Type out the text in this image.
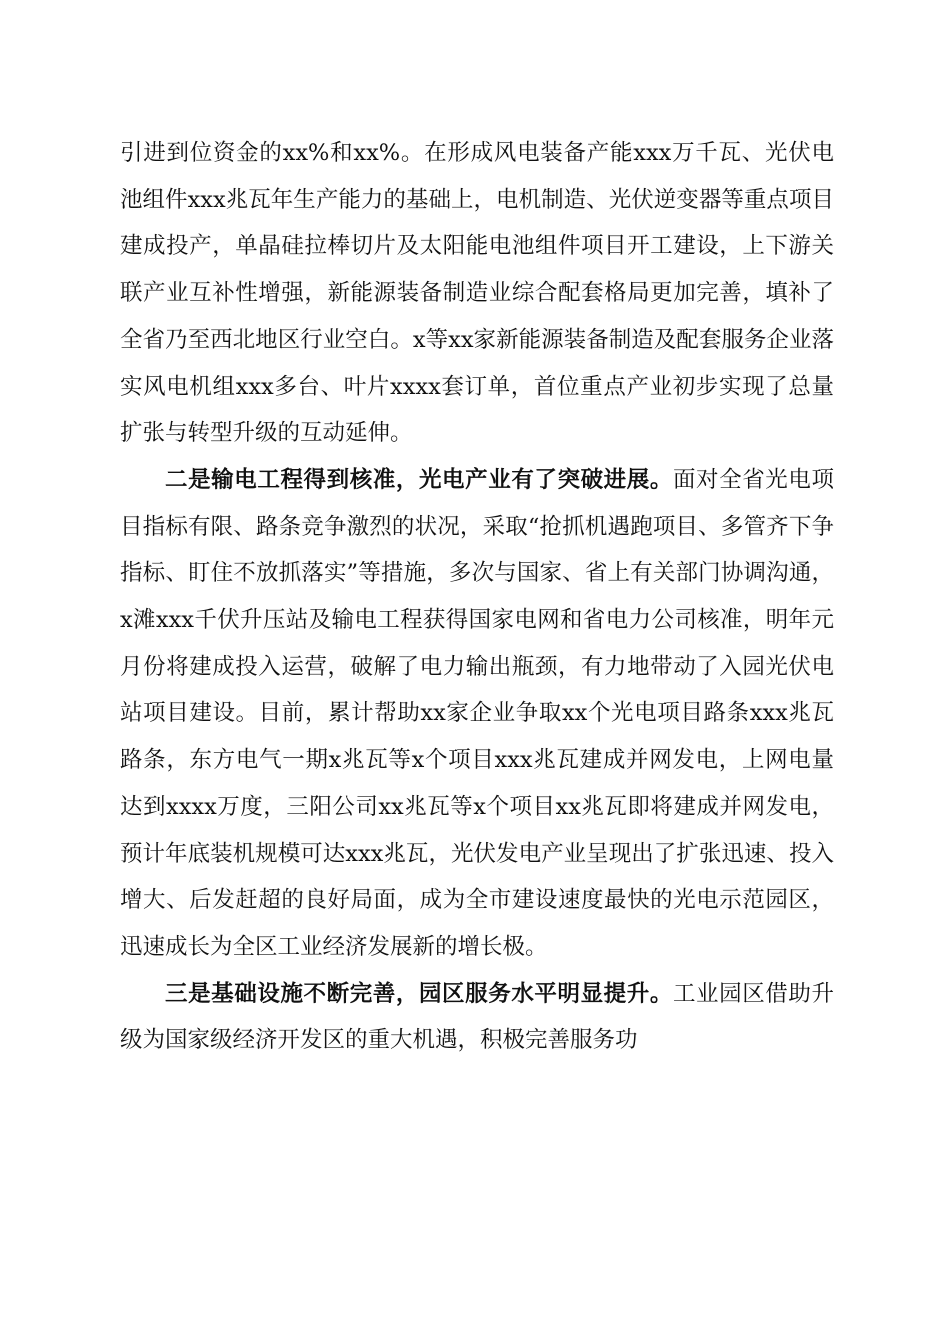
引进到位资金的xx%和xx%。在形成风电装备产能xxx万千瓦、光伏电池组件xxx兆瓦年生产能力的基础上，电机制造、光伏逆变器等重点项目建成投产，单晶硅拉棒切片及太阳能电池组件项目开工建设，上下游关联产业互补性增强，新能源装备制造业综合配套格局更加完善，填补了全省乃至西北地区行业空白。x等xx家新能源装备制造及配套服务企业落实风电机组xxx多台、叶片xxxx套订单，首位重点产业初步实现了总量扩张与转型升级的互动延伸。

二是输电工程得到核准，光电产业有了突破进展。面对全省光电项目指标有限、路条竞争激烈的状况，采取“抢抓机遇跑项目、多管齐下争指标、盯住不放抓落实”等措施，多次与国家、省上有关部门协调沟通，x滩xxx千伏升压站及输电工程获得国家电网和省电力公司核准，明年元月份将建成投入运营，破解了电力输出瓶颈，有力地带动了入园光伏电站项目建设。目前，累计帮助xx家企业争取xx个光电项目路条xxx兆瓦路条，东方电气一期x兆瓦等x个项目xxx兆瓦建成并网发电，上网电量达到xxxx万度，三阳公司xx兆瓦等x个项目xx兆瓦即将建成并网发电，预计年底装机规模可达xxx兆瓦，光伏发电产业呈现出了扩张迅速、投入增大、后发赶超的良好局面，成为全市建设速度最快的光电示范园区，迅速成长为全区工业经济发展新的增长极。

三是基础设施不断完善，园区服务水平明显提升。工业园区借助升级为国家级经济开发区的重大机遇，积极完善服务功
